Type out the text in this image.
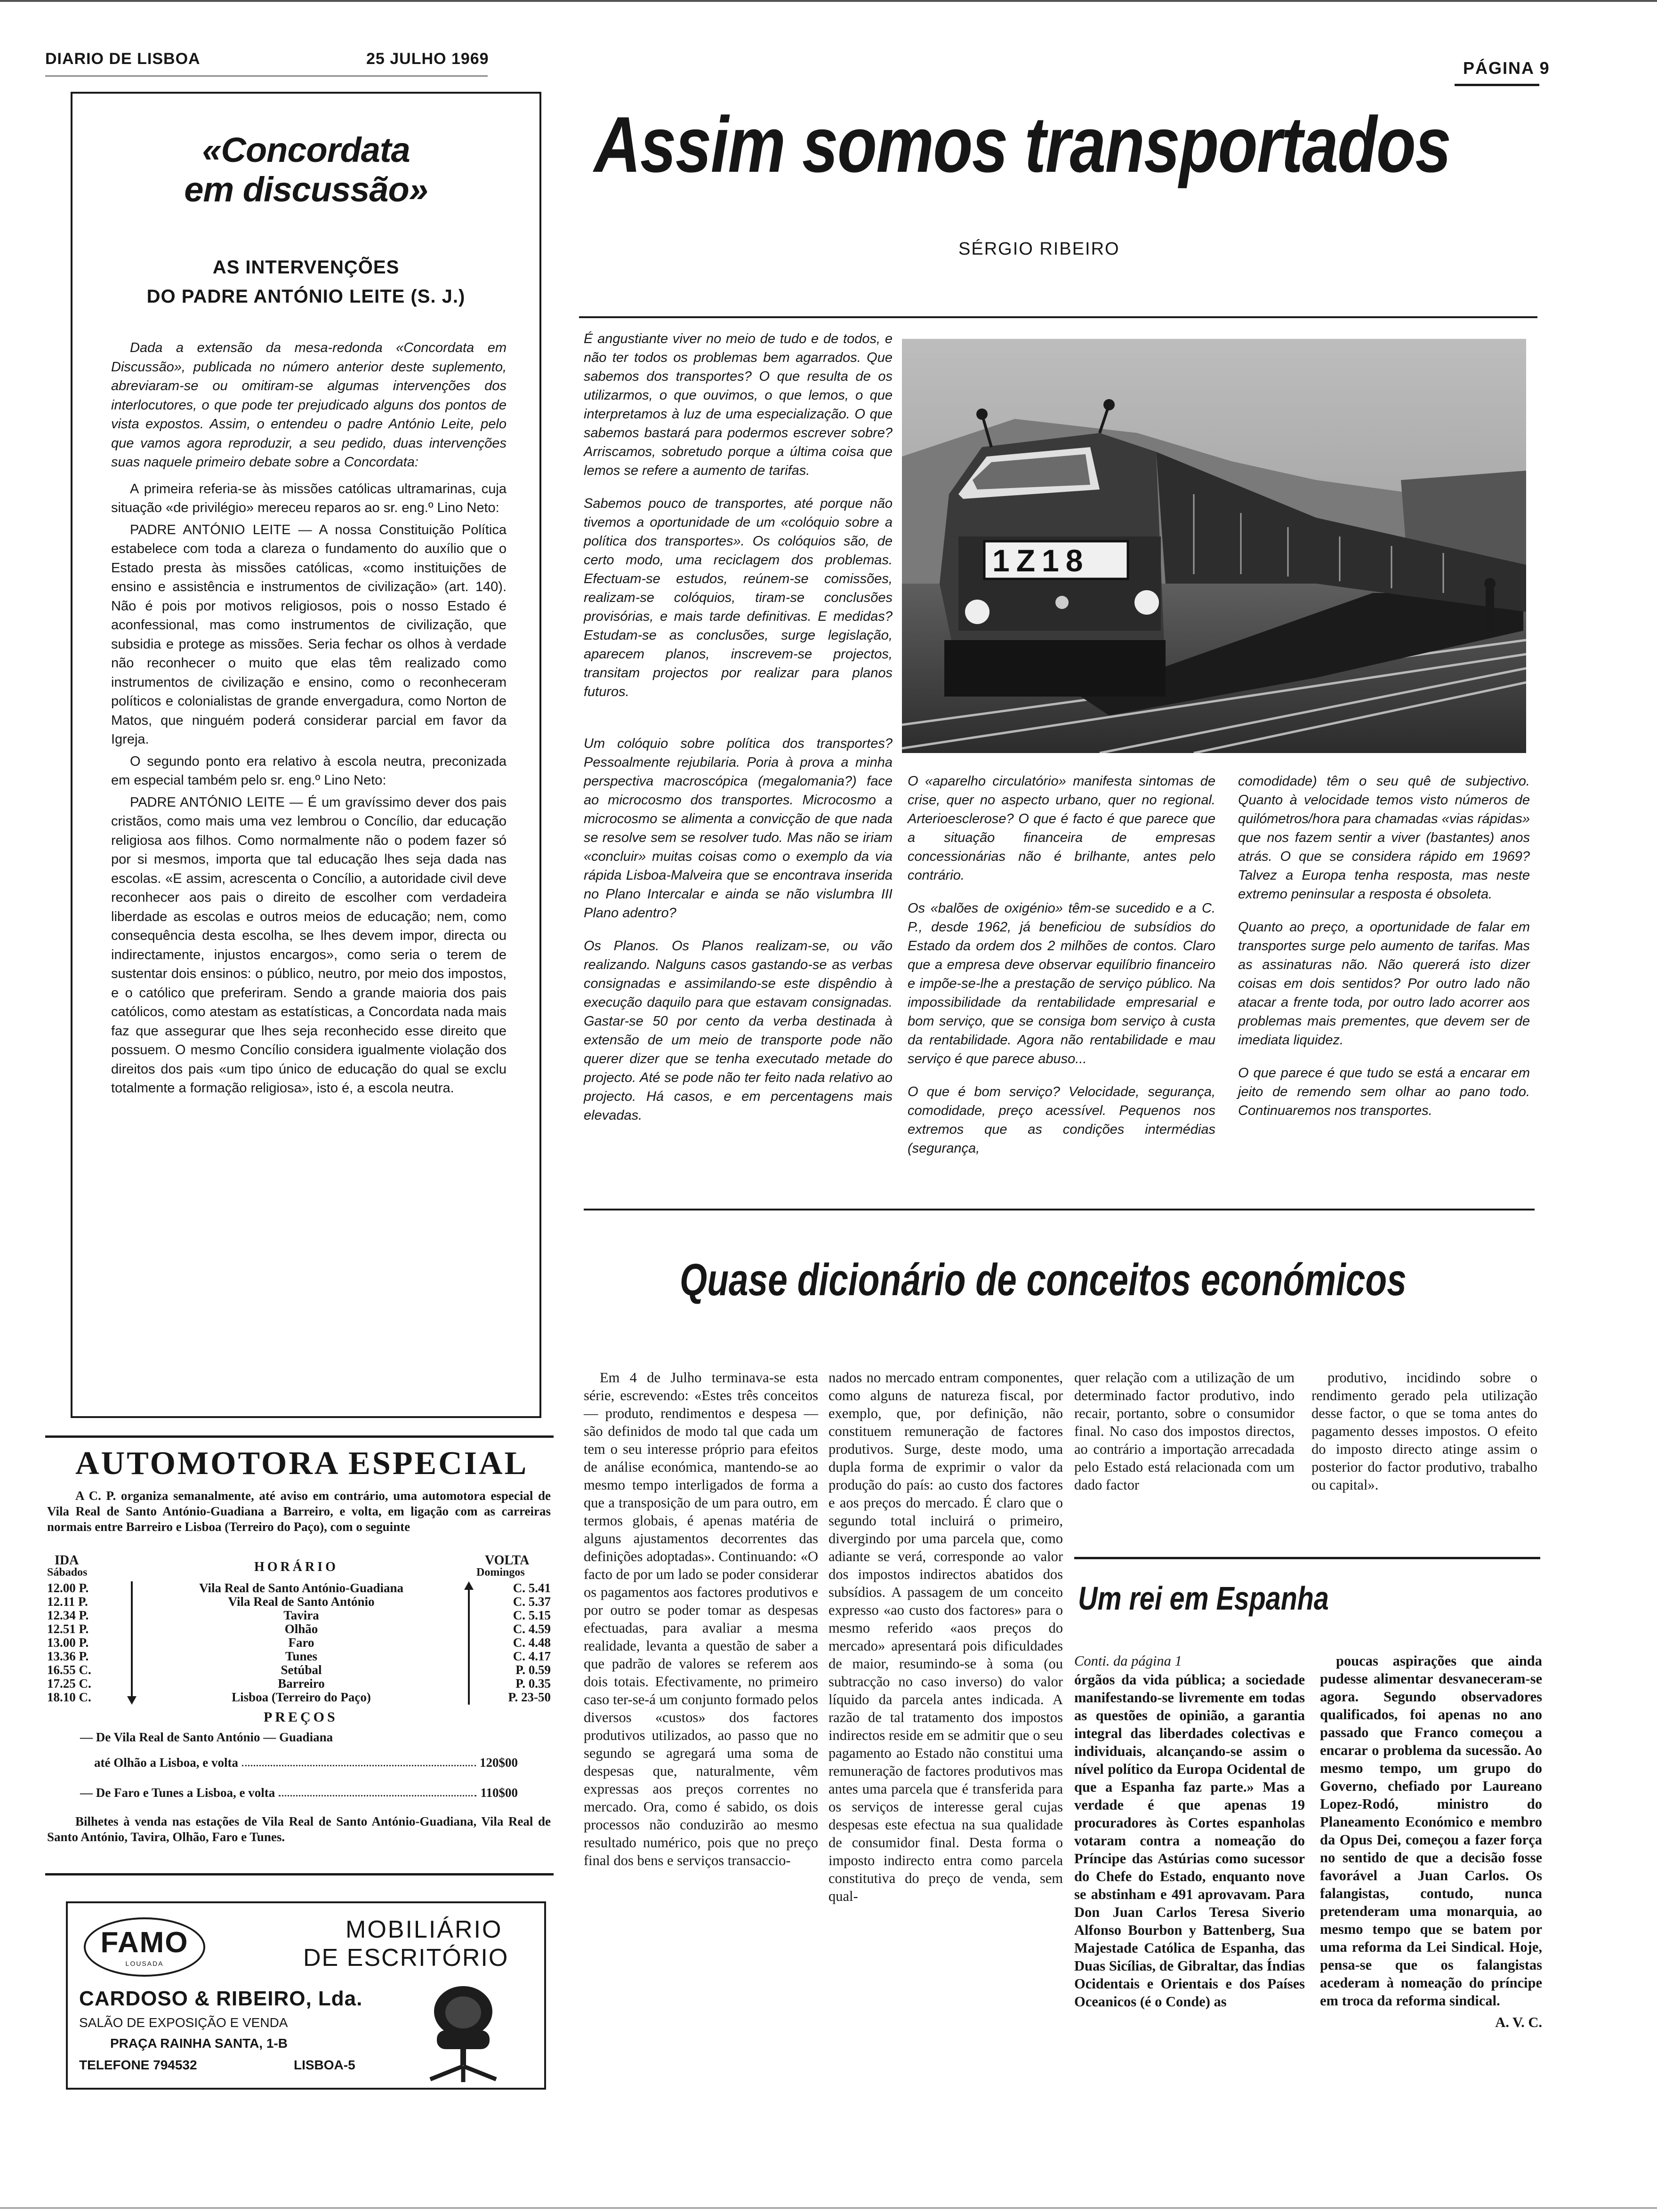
DIARIO DE LISBOA	25 JULHO 1969	PÁGINA 9
«Concordata
em discussão»
AS INTERVENÇÕES
DO PADRE ANTÓNIO LEITE (S. J.)

Dada a extensão da mesa-redonda «Concordata em Discussão», publicada no número anterior deste suplemento, abreviaram-se ou omitiram-se algumas intervenções dos interlocutores, o que pode ter prejudicado alguns dos pontos de vista expostos. Assim, o entendeu o padre António Leite, pelo que vamos agora reproduzir, a seu pedido, duas intervenções suas naquele primeiro debate sobre a Concordata:

A primeira referia-se às missões católicas ultramarinas, cuja situação «de privilégio» mereceu reparos ao sr. eng.º Lino Neto:

PADRE ANTÓNIO LEITE — A nossa Constituição Política estabelece com toda a clareza o fundamento do auxílio que o Estado presta às missões católicas, «como instituições de ensino e assistência e instrumentos de civilização» (art. 140). Não é pois por motivos religiosos, pois o nosso Estado é aconfessional, mas como instrumentos de civilização, que subsidia e protege as missões. Seria fechar os olhos à verdade não reconhecer o muito que elas têm realizado como instrumentos de civilização e ensino, como o reconheceram políticos e colonialistas de grande envergadura, como Norton de Matos, que ninguém poderá considerar parcial em favor da Igreja.

O segundo ponto era relativo à escola neutra, preconizada em especial também pelo sr. eng.º Lino Neto:

PADRE ANTÓNIO LEITE — É um gravíssimo dever dos pais cristãos, como mais uma vez lembrou o Concílio, dar educação religiosa aos filhos. Como normalmente não o podem fazer só por si mesmos, importa que tal educação lhes seja dada nas escolas. «E assim, acrescenta o Concílio, a autoridade civil deve reconhecer aos pais o direito de escolher com verdadeira liberdade as escolas e outros meios de educação; nem, como consequência desta escolha, se lhes devem impor, directa ou indirectamente, injustos encargos», como seria o terem de sustentar dois ensinos: o público, neutro, por meio dos impostos, e o católico que preferiram. Sendo a grande maioria dos pais católicos, como atestam as estatísticas, a Concordata nada mais faz que assegurar que lhes seja reconhecido esse direito que possuem. O mesmo Concílio considera igualmente violação dos direitos dos pais «um tipo único de educação do qual se exclu totalmente a formação religiosa», isto é, a escola neutra.

AUTOMOTORA ESPECIAL
A C. P. organiza semanalmente, até aviso em contrário, uma automotora especial de Vila Real de Santo António-Guadiana a Barreiro, e volta, em ligação com as carreiras normais entre Barreiro e Lisboa (Terreiro do Paço), com o seguinte
IDA
Sábados	HORÁRIO	VOLTA
Domingos
12.00 P.	Vila Real de Santo António-Guadiana	C. 5.41
12.11 P.	Vila Real de Santo António	C. 5.37
12.34 P.	Tavira	C. 5.15
12.51 P.	Olhão	C. 4.59
13.00 P.	Faro	C. 4.48
13.36 P.	Tunes	C. 4.17
16.55 C.	Setúbal	P. 0.59
17.25 C.	Barreiro	P. 0.35
18.10 C.	Lisboa (Terreiro do Paço)	P. 23-50
PREÇOS
— De Vila Real de Santo António — Guadiana
até Olhão a Lisboa, e volta	120$00
— De Faro e Tunes a Lisboa, e volta	110$00
Bilhetes à venda nas estações de Vila Real de Santo António-Guadiana, Vila Real de Santo António, Tavira, Olhão, Faro e Tunes.
FAMO
LOUSADA
MOBILIÁRIO
DE ESCRITÓRIO
CARDOSO & RIBEIRO, Lda.
SALÃO DE EXPOSIÇÃO E VENDA
PRAÇA RAINHA SANTA, 1-B
TELEFONE 794532	LISBOA-5
Assim somos transportados
SÉRGIO RIBEIRO

É angustiante viver no meio de tudo e de todos, e não ter todos os problemas bem agarrados. Que sabemos dos transportes? O que resulta de os utilizarmos, o que ouvimos, o que lemos, o que interpretamos à luz de uma especialização. O que sabemos bastará para podermos escrever sobre? Arriscamos, sobretudo porque a última coisa que lemos se refere a aumento de tarifas.

Sabemos pouco de transportes, até porque não tivemos a oportunidade de um «colóquio sobre a política dos transportes». Os colóquios são, de certo modo, uma reciclagem dos problemas. Efectuam-se estudos, reúnem-se comissões, realizam-se colóquios, tiram-se conclusões provisórias, e mais tarde definitivas. E medidas? Estudam-se as conclusões, surge legislação, aparecem planos, inscrevem-se projectos, transitam projectos por realizar para planos futuros.

Um colóquio sobre política dos transportes? Pessoalmente rejubilaria. Poria à prova a minha perspectiva macroscópica (megalomania?) face ao microcosmo dos transportes. Microcosmo a microcosmo se alimenta a convicção de que nada se resolve sem se resolver tudo. Mas não se iriam «concluir» muitas coisas como o exemplo da via rápida Lisboa-Malveira que se encontrava inserida no Plano Intercalar e ainda se não vislumbra III Plano adentro?

Os Planos. Os Planos realizam-se, ou vão realizando. Nalguns casos gastando-se as verbas consignadas e assimilando-se este dispêndio à execução daquilo para que estavam consignadas. Gastar-se 50 por cento da verba destinada à extensão de um meio de transporte pode não querer dizer que se tenha executado metade do projecto. Até se pode não ter feito nada relativo ao projecto. Há casos, e em percentagens mais elevadas.

1Z18

O «aparelho circulatório» manifesta sintomas de crise, quer no aspecto urbano, quer no regional. Arterioesclerose? O que é facto é que parece que a situação financeira de empresas concessionárias não é brilhante, antes pelo contrário.

Os «balões de oxigénio» têm-se sucedido e a C. P., desde 1962, já beneficiou de subsídios do Estado da ordem dos 2 milhões de contos. Claro que a empresa deve observar equilíbrio financeiro e impõe-se-lhe a prestação de serviço público. Na impossibilidade da rentabilidade empresarial e bom serviço, que se consiga bom serviço à custa da rentabilidade. Agora não rentabilidade e mau serviço é que parece abuso...

O que é bom serviço? Velocidade, segurança, comodidade, preço acessível. Pequenos nos extremos que as condições intermédias (segurança,

comodidade) têm o seu quê de subjectivo. Quanto à velocidade temos visto números de quilómetros/hora para chamadas «vias rápidas» que nos fazem sentir a viver (bastantes) anos atrás. O que se considera rápido em 1969? Talvez a Europa tenha resposta, mas neste extremo peninsular a resposta é obsoleta.

Quanto ao preço, a oportunidade de falar em transportes surge pelo aumento de tarifas. Mas as assinaturas não. Não quererá isto dizer coisas em dois sentidos? Por outro lado não atacar a frente toda, por outro lado acorrer aos problemas mais prementes, que devem ser de imediata liquidez.

O que parece é que tudo se está a encarar em jeito de remendo sem olhar ao pano todo. Continuaremos nos transportes.

Quase dicionário de conceitos económicos

Em 4 de Julho terminava-se esta série, escrevendo: «Estes três conceitos — produto, rendimentos e despesa — são definidos de modo tal que cada um tem o seu interesse próprio para efeitos de análise económica, mantendo-se ao mesmo tempo interligados de forma a que a transposição de um para outro, em termos globais, é apenas matéria de alguns ajustamentos decorrentes das definições adoptadas». Continuando: «O facto de por um lado se poder considerar os pagamentos aos factores produtivos e por outro se poder tomar as despesas efectuadas, para avaliar a mesma realidade, levanta a questão de saber a que padrão de valores se referem aos dois totais. Efectivamente, no primeiro caso ter-se-á um conjunto formado pelos diversos «custos» dos factores produtivos utilizados, ao passo que no segundo se agregará uma soma de despesas que, naturalmente, vêm expressas aos preços correntes no mercado. Ora, como é sabido, os dois processos não conduzirão ao mesmo resultado numérico, pois que no preço final dos bens e serviços transaccio-

nados no mercado entram componentes, como alguns de natureza fiscal, por exemplo, que, por definição, não constituem remuneração de factores produtivos. Surge, deste modo, uma dupla forma de exprimir o valor da produção do país: ao custo dos factores e aos preços do mercado. É claro que o segundo total incluirá o primeiro, divergindo por uma parcela que, como adiante se verá, corresponde ao valor dos impostos indirectos abatidos dos subsídios. A passagem de um conceito expresso «ao custo dos factores» para o mesmo referido «aos preços do mercado» apresentará pois dificuldades de maior, resumindo-se à soma (ou subtracção no caso inverso) do valor líquido da parcela antes indicada. A razão de tal tratamento dos impostos indirectos reside em se admitir que o seu pagamento ao Estado não constitui uma remuneração de factores produtivos mas antes uma parcela que é transferida para os serviços de interesse geral cujas despesas este efectua na sua qualidade de consumidor final. Desta forma o imposto indirecto entra como parcela constitutiva do preço de venda, sem qual-

quer relação com a utilização de um determinado factor produtivo, indo recair, portanto, sobre o consumidor final. No caso dos impostos directos, ao contrário a importação arrecadada pelo Estado está relacionada com um dado factor

produtivo, incidindo sobre o rendimento gerado pela utilização desse factor, o que se toma antes do pagamento desses impostos. O efeito do imposto directo atinge assim o posterior do factor produtivo, trabalho ou capital».

Um rei em Espanha

Conti. da página 1

órgãos da vida pública; a sociedade manifestando-se livremente em todas as questões de opinião, a garantia integral das liberdades colectivas e individuais, alcançando-se assim o nível político da Europa Ocidental de que a Espanha faz parte.» Mas a verdade é que apenas 19 procuradores às Cortes espanholas votaram contra a nomeação do Príncipe das Astúrias como sucessor do Chefe do Estado, enquanto nove se abstinham e 491 aprovavam. Para Don Juan Carlos Teresa Siverio Alfonso Bourbon y Battenberg, Sua Majestade Católica de Espanha, das Duas Sicílias, de Gibraltar, das Índias Ocidentais e Orientais e dos Países Oceanicos (é o Conde) as

poucas aspirações que ainda pudesse alimentar desvaneceram-se agora. Segundo observadores qualificados, foi apenas no ano passado que Franco começou a encarar o problema da sucessão. Ao mesmo tempo, um grupo do Governo, chefiado por Laureano Lopez-Rodó, ministro do Planeamento Económico e membro da Opus Dei, começou a fazer força no sentido de que a decisão fosse favorável a Juan Carlos. Os falangistas, contudo, nunca pretenderam uma monarquia, ao mesmo tempo que se batem por uma reforma da Lei Sindical. Hoje, pensa-se que os falangistas acederam à nomeação do príncipe em troca da reforma sindical.

A. V. C.
